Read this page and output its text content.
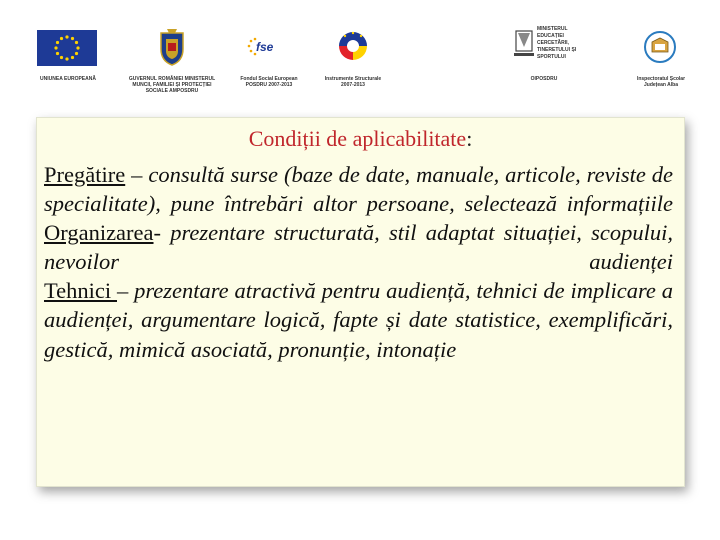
UNIUNEA EUROPEANĂ	GUVERNUL ROMÂNIEI MINISTERUL MUNCII, FAMILIEI ȘI PROTECȚIEI SOCIALE AMPOSDRU
fse
Fondul Social European POSDRU 2007-2013
Instrumente Structurale 2007-2013
MINISTERUL EDUCAȚIEI CERCETĂRII, TINERETULUI ȘI SPORTULUI
OIPOSDRU	Inspectoratul Școlar Județean Alba
Condiții de aplicabilitate:

Pregătire – consultă surse (baze de date, manuale, articole, reviste de specialitate), pune întrebări altor persoane, selectează informațiile

Organizarea- prezentare structurată, stil adaptat situației, scopului, nevoilor audienței

Tehnici – prezentare atractivă pentru audiență, tehnici de implicare a audienței, argumentare logică, fapte și date statistice, exemplificări, gestică, mimică asociată, pronunție, intonație
